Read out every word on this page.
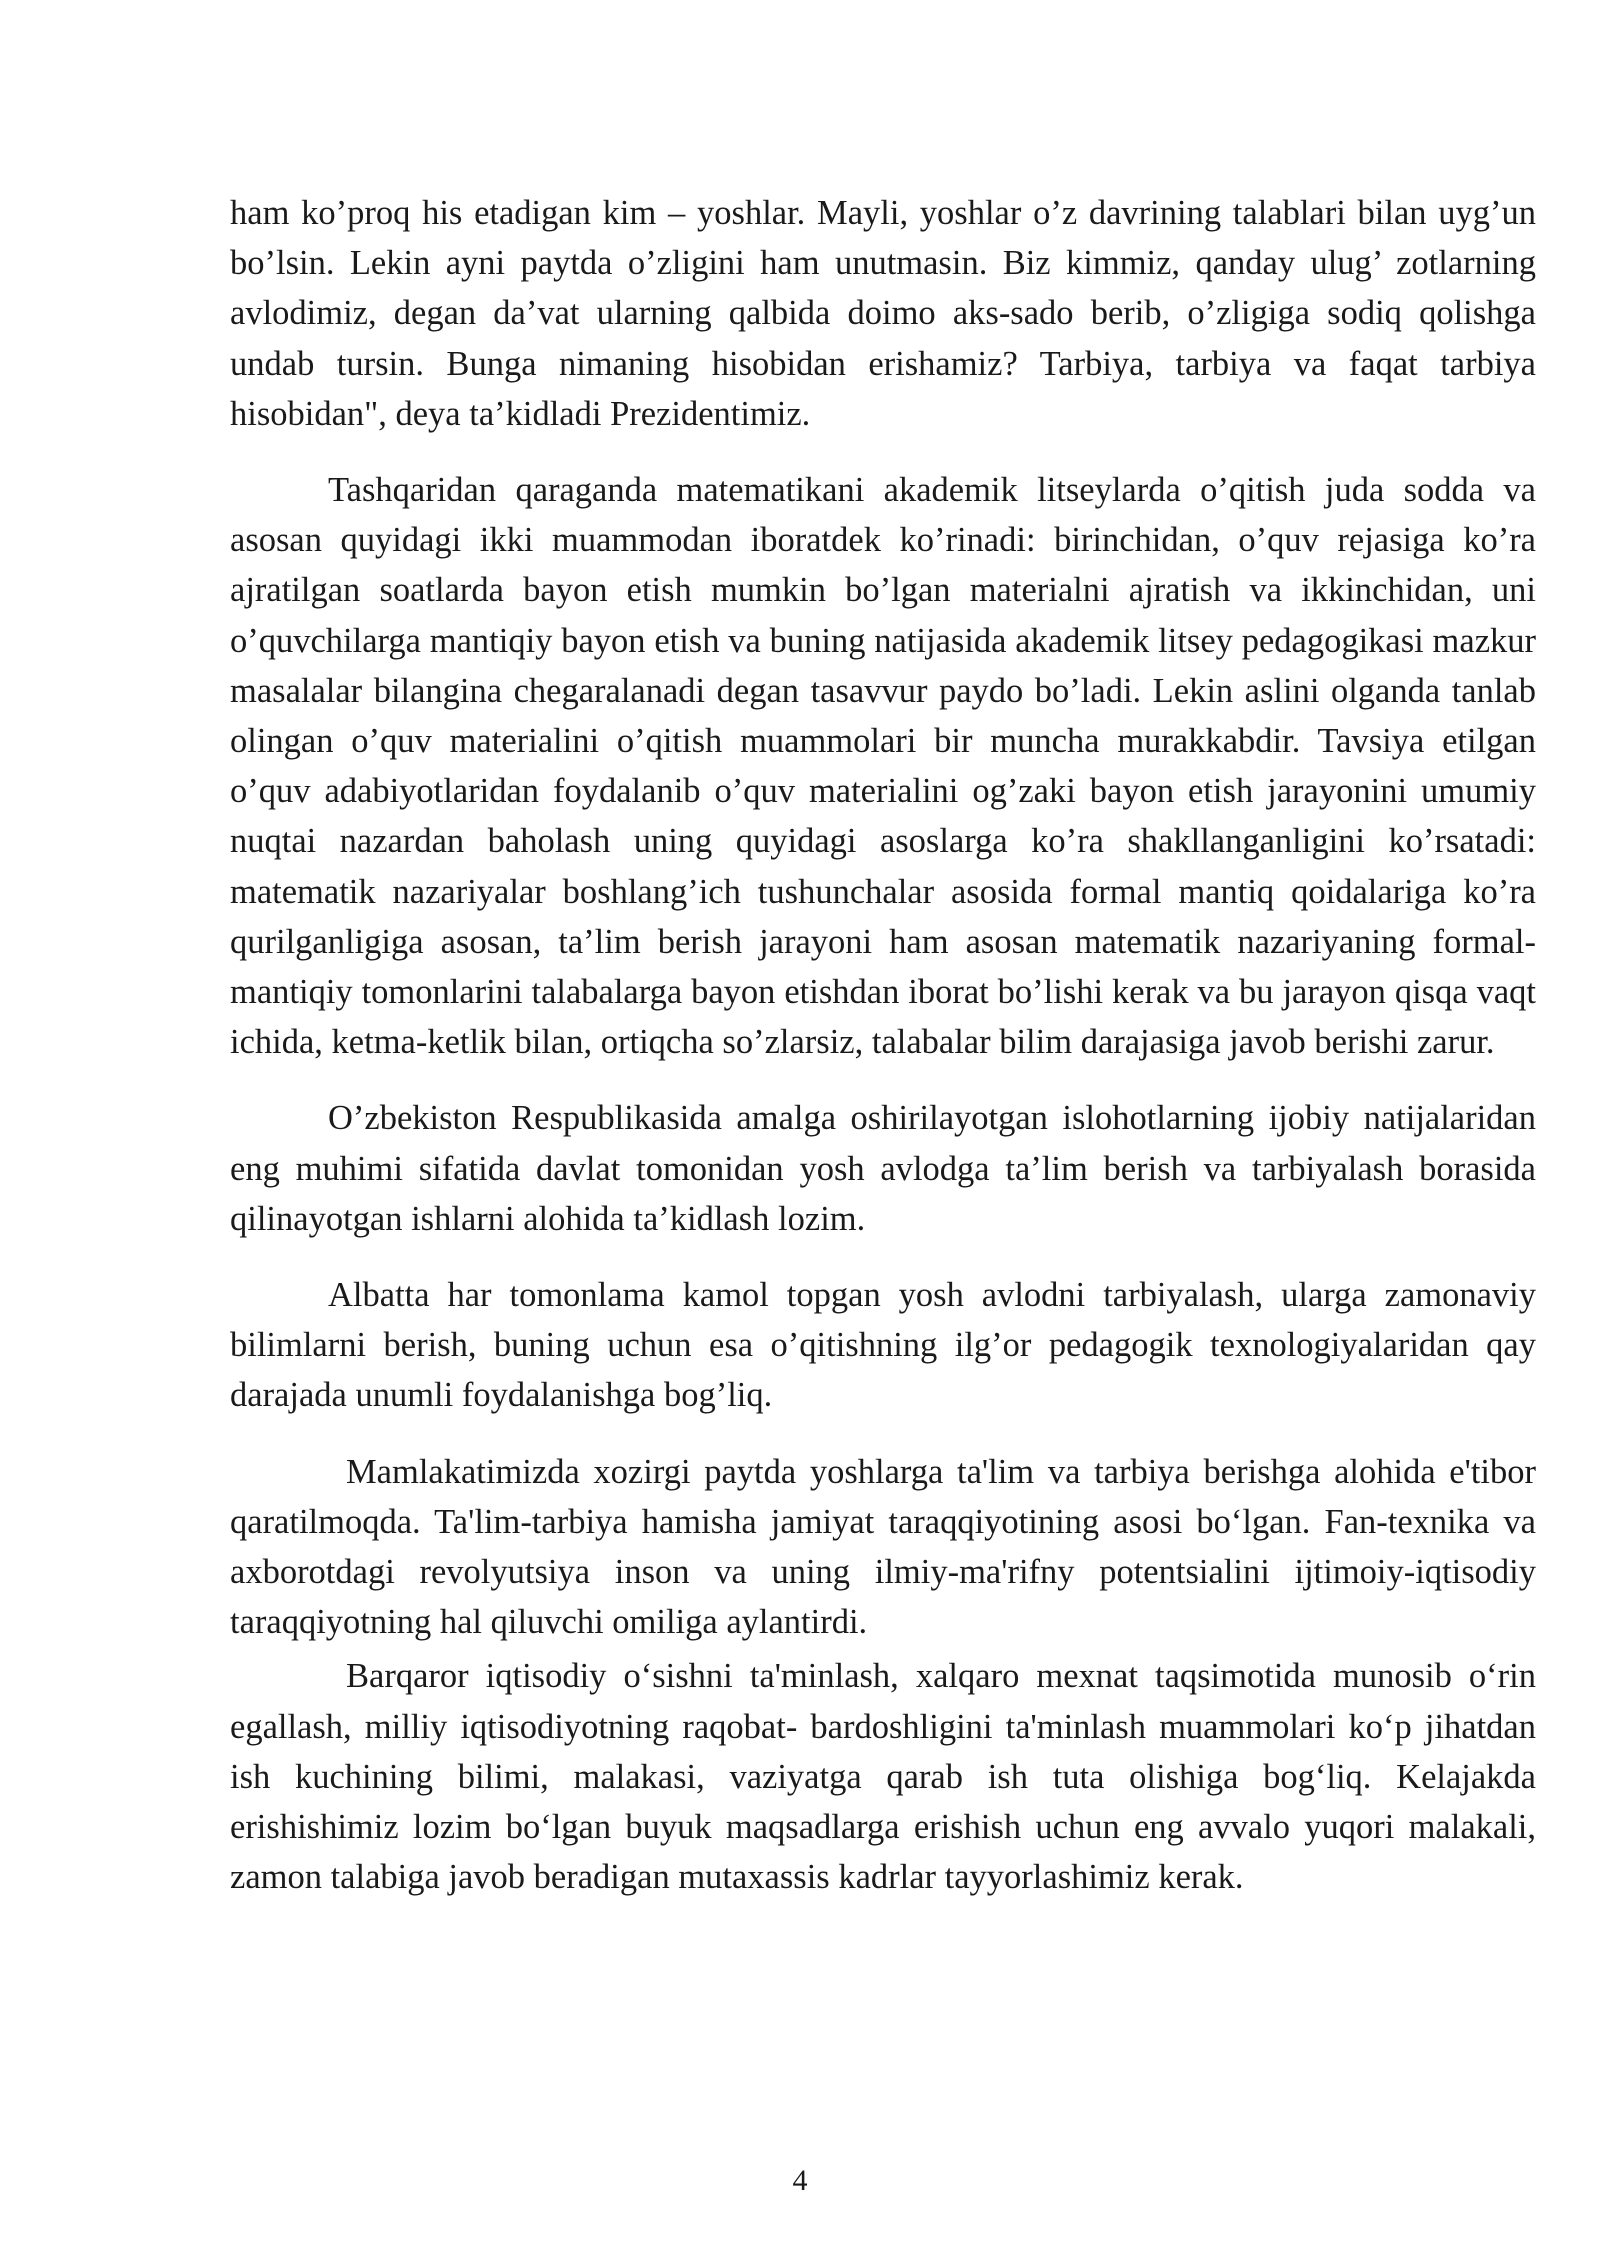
ham ko’proq his etadigan kim – yoshlar. Mayli, yoshlar o’z davrining talablari bilan uyg’un bo’lsin. Lekin ayni paytda o’zligini ham unutmasin. Biz kimmiz, qanday ulug’ zotlarning avlodimiz, degan da’vat ularning qalbida doimo aks-sado berib, o’zligiga sodiq qolishga undab tursin. Bunga nimaning hisobidan erishamiz? Tarbiya, tarbiya va faqat tarbiya hisobidan", deya ta’kidladi Prezidentimiz.

Tashqaridan qaraganda matematikani akademik litseylarda o’qitish juda sodda va asosan quyidagi ikki muammodan iboratdek ko’rinadi: birinchidan, o’quv rejasiga ko’ra ajratilgan soatlarda bayon etish mumkin bo’lgan materialni ajratish va ikkinchidan, uni o’quvchilarga mantiqiy bayon etish va buning natijasida akademik litsey pedagogikasi mazkur masalalar bilangina chegaralanadi degan tasavvur paydo bo’ladi. Lekin aslini olganda tanlab olingan o’quv materialini o’qitish muammolari bir muncha murakkabdir. Tavsiya etilgan o’quv adabiyotlaridan foydalanib o’quv materialini og’zaki bayon etish jarayonini umumiy nuqtai nazardan baholash uning quyidagi asoslarga ko’ra shakllanganligini ko’rsatadi: matematik nazariyalar boshlang’ich tushunchalar asosida formal mantiq qoidalariga ko’ra qurilganligiga asosan, ta’lim berish jarayoni ham asosan matematik nazariyaning formal-mantiqiy tomonlarini talabalarga bayon etishdan iborat bo’lishi kerak va bu jarayon qisqa vaqt ichida, ketma-ketlik bilan, ortiqcha so’zlarsiz, talabalar bilim darajasiga javob berishi zarur.

O’zbekiston Respublikasida amalga oshirilayotgan islohotlarning ijobiy natijalaridan eng muhimi sifatida davlat tomonidan yosh avlodga ta’lim berish va tarbiyalash borasida qilinayotgan ishlarni alohida ta’kidlash lozim.

Albatta har tomonlama kamol topgan yosh avlodni tarbiyalash, ularga zamonaviy bilimlarni berish, buning uchun esa o’qitishning ilg’or pedagogik texnologiyalaridan qay darajada unumli foydalanishga bog’liq.

Mamlakatimizda xozirgi paytda yoshlarga ta'lim va tarbiya berishga alohida e'tibor qaratilmoqda. Ta'lim-tarbiya hamisha jamiyat taraqqiyotining asosi bo‘lgan. Fan-texnika va axborotdagi revolyutsiya inson va uning ilmiy-ma'rifny potentsialini ijtimoiy-iqtisodiy taraqqiyotning hal qiluvchi omiliga aylantirdi.

Barqaror iqtisodiy o‘sishni ta'minlash, xalqaro mexnat taqsimotida munosib o‘rin egallash, milliy iqtisodiyotning raqobat- bardoshligini ta'minlash muammolari ko‘p jihatdan ish kuchining bilimi, malakasi, vaziyatga qarab ish tuta olishiga bog‘liq. Kelajakda erishishimiz lozim bo‘lgan buyuk maqsadlarga erishish uchun eng avvalo yuqori malakali, zamon talabiga javob beradigan mutaxassis kadrlar tayyorlashimiz kerak.

4
